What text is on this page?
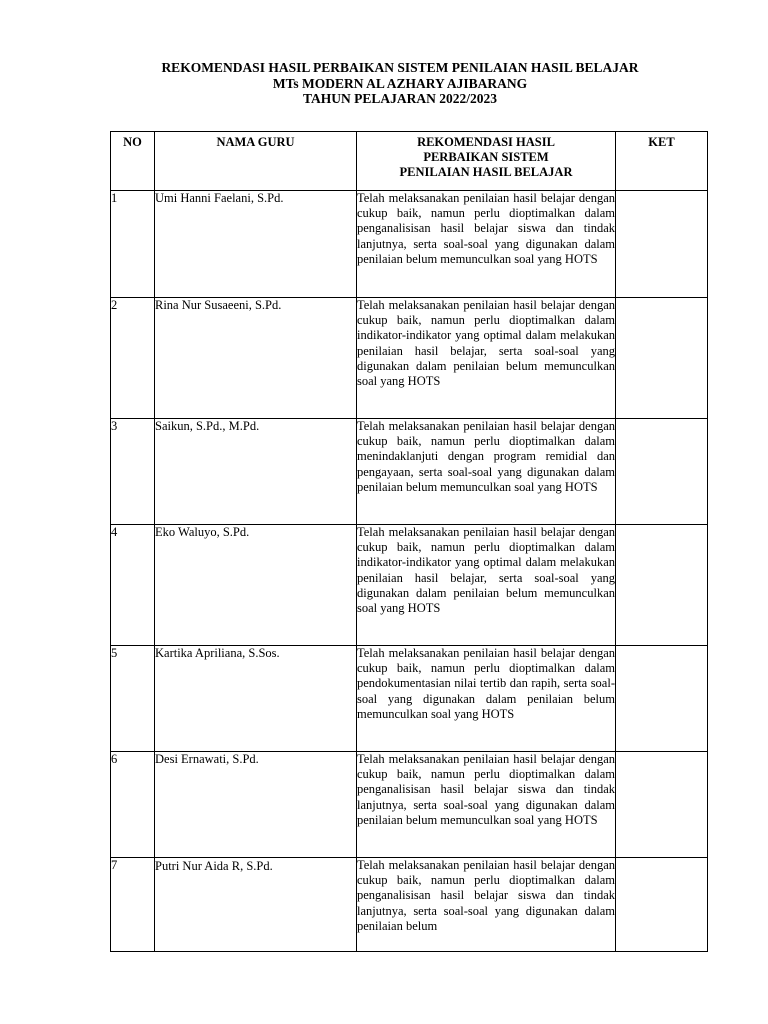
REKOMENDASI HASIL PERBAIKAN SISTEM PENILAIAN HASIL BELAJAR
MTs MODERN AL AZHARY AJIBARANG
TAHUN PELAJARAN 2022/2023
NO	NAMA GURU	REKOMENDASI HASIL
PERBAIKAN SISTEM
PENILAIAN HASIL BELAJAR	KET

1	Umi Hanni Faelani, S.Pd.	Telah melaksanakan penilaian hasil belajar dengan cukup baik, namun perlu dioptimalkan dalam penganalisisan hasil belajar siswa dan tindak lanjutnya, serta soal-soal yang digunakan dalam penilaian belum memunculkan soal yang HOTS	
2	Rina Nur Susaeeni, S.Pd.	Telah melaksanakan penilaian hasil belajar dengan cukup baik, namun perlu dioptimalkan dalam indikator-indikator yang optimal dalam melakukan penilaian hasil belajar, serta soal-soal yang digunakan dalam penilaian belum memunculkan soal yang HOTS	
3	Saikun, S.Pd., M.Pd.	Telah melaksanakan penilaian hasil belajar dengan cukup baik, namun perlu dioptimalkan dalam menindaklanjuti dengan program remidial dan pengayaan, serta soal-soal yang digunakan dalam penilaian belum memunculkan soal yang HOTS	
4	Eko Waluyo, S.Pd.	Telah melaksanakan penilaian hasil belajar dengan cukup baik, namun perlu dioptimalkan dalam indikator-indikator yang optimal dalam melakukan penilaian hasil belajar, serta soal-soal yang digunakan dalam penilaian belum memunculkan soal yang HOTS	
5	Kartika Apriliana, S.Sos.	Telah melaksanakan penilaian hasil belajar dengan cukup baik, namun perlu dioptimalkan dalam pendokumentasian nilai tertib dan rapih, serta soal-soal yang digunakan dalam penilaian belum memunculkan soal yang HOTS	
6	Desi Ernawati, S.Pd.	Telah melaksanakan penilaian hasil belajar dengan cukup baik, namun perlu dioptimalkan dalam penganalisisan hasil belajar siswa dan tindak lanjutnya, serta soal-soal yang digunakan dalam penilaian belum memunculkan soal yang HOTS	
7	Putri Nur Aida R, S.Pd.	Telah melaksanakan penilaian hasil belajar dengan cukup baik, namun perlu dioptimalkan dalam penganalisisan hasil belajar siswa dan tindak lanjutnya, serta soal-soal yang digunakan dalam penilaian belum	
